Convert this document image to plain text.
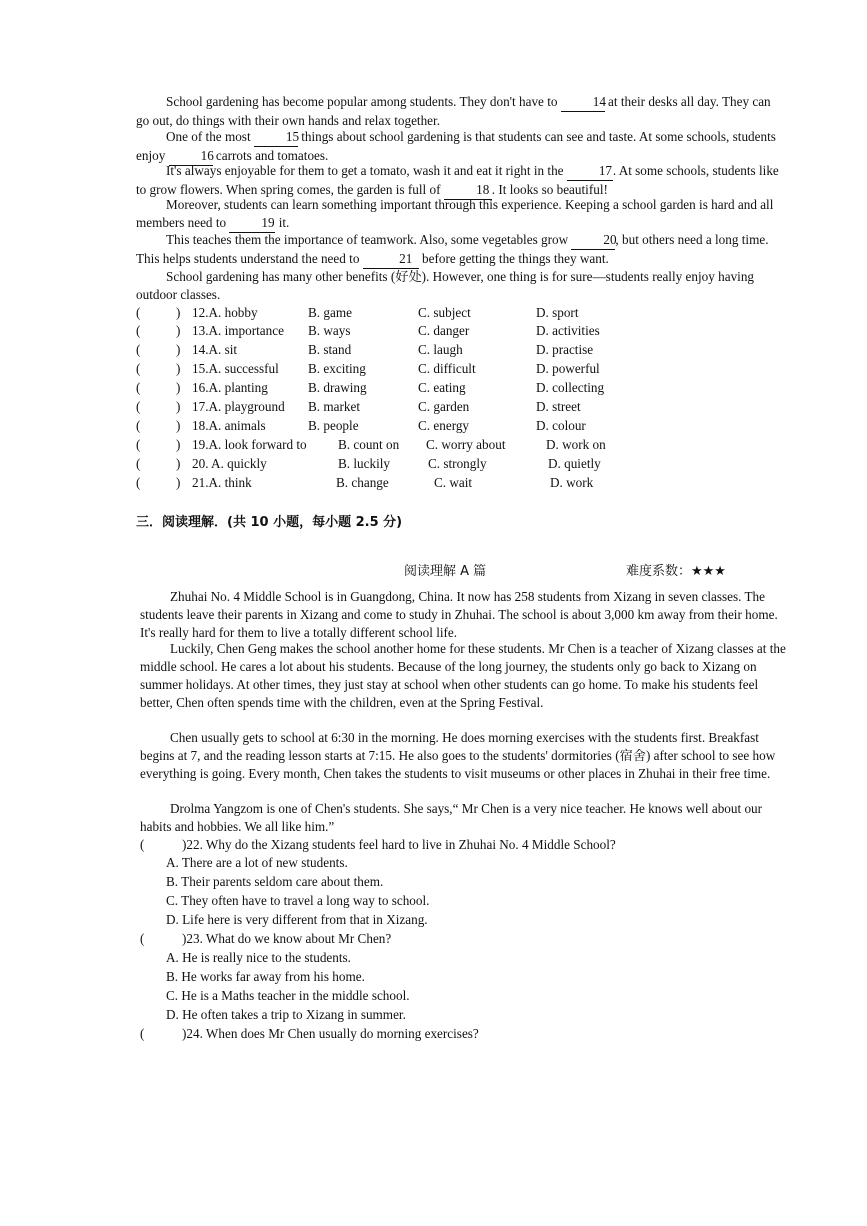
School gardening has become popular among students. They don't have to 14 at their desks all day. They can go out, do things with their own hands and relax together.
One of the most 15 things about school gardening is that students can see and taste. At some schools, students enjoy 16 carrots and tomatoes.
It's always enjoyable for them to get a tomato, wash it and eat it right in the 17. At some schools, students like to grow flowers. When spring comes, the garden is full of 18 . It looks so beautiful!
Moreover, students can learn something important through this experience. Keeping a school garden is hard and all members need to 19 it.
This teaches them the importance of teamwork. Also, some vegetables grow 20, but others need a long time. This helps students understand the need to	21 before getting the things they want.
School gardening has many other benefits (好处). However, one thing is for sure—students really enjoy having outdoor classes.
(	) 12.A. hobby	B. game	C. subject	D. sport
(	) 13.A. importance B. ways	C. danger	D. activities
(	) 14.A. sit	B. stand	C. laugh	D. practise
(	) 15.A. successful B. exciting	C. difficult	D. powerful
(	) 16.A. planting	B. drawing	C. eating	D. collecting
(	) 17.A. playground B. market	C. garden	D. street
(	) 18.A. animals	B. people	C. energy	D. colour
(	) 19.A. look forward to B. count on C. worry about	D. work on
(	) 20. A. quickly	B. luckily	C. strongly	D. quietly
(	) 21.A. think	B. change	C. wait	D. work
三．阅读理解．(共 10 小题，每小题 2.5 分)
阅读理解 A 篇	难度系数：★★★
Zhuhai No. 4 Middle School is in Guangdong, China. It now has 258 students from Xizang in seven classes. The students leave their parents in Xizang and come to study in Zhuhai. The school is about 3,000 km away from their home. It's really hard for them to live a totally different school life.
Luckily, Chen Geng makes the school another home for these students. Mr Chen is a teacher of Xizang classes at the middle school. He cares a lot about his students. Because of the long journey, the students only go back to Xizang on summer holidays. At other times, they just stay at school when other students can go home. To make his students feel better, Chen often spends time with the children, even at the Spring Festival.
Chen usually gets to school at 6:30 in the morning. He does morning exercises with the students first. Breakfast begins at 7, and the reading lesson starts at 7:15. He also goes to the students' dormitories (宿舍) after school to see how everything is going. Every month, Chen takes the students to visit museums or other places in Zhuhai in their free time.
Drolma Yangzom is one of Chen's students. She says,“ Mr Chen is a very nice teacher. He knows well about our habits and hobbies. We all like him.”
(	)22. Why do the Xizang students feel hard to live in Zhuhai No. 4 Middle School?
A. There are a lot of new students.
B. Their parents seldom care about them.
C. They often have to travel a long way to school.
D. Life here is very different from that in Xizang.
(	)23. What do we know about Mr Chen?
A. He is really nice to the students.
B. He works far away from his home.
C. He is a Maths teacher in the middle school.
D. He often takes a trip to Xizang in summer.
(	)24. When does Mr Chen usually do morning exercises?
